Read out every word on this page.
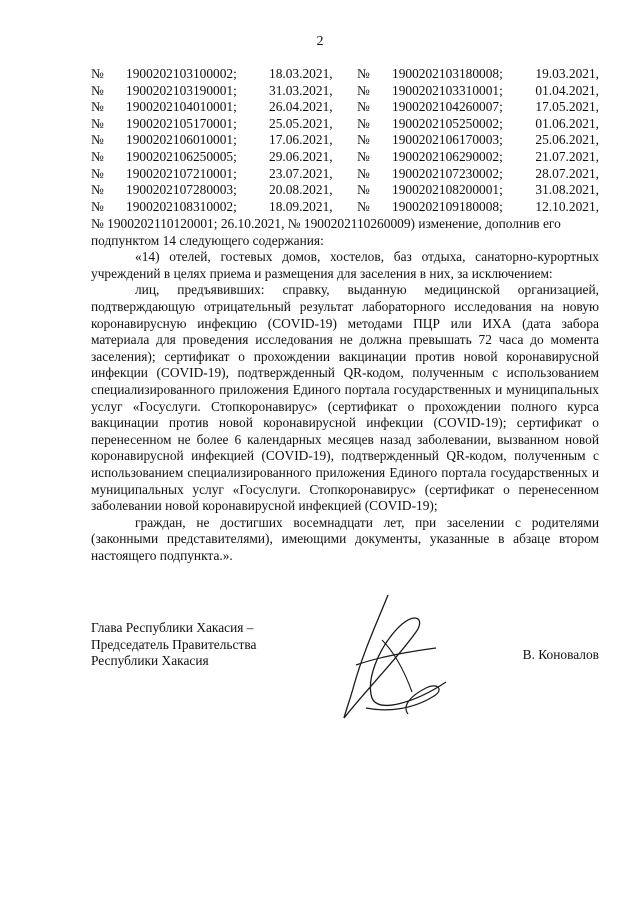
2
№	1900202103100002;	18.03.2021,	№	1900202103180008;	19.03.2021,
№	1900202103190001;	31.03.2021,	№	1900202103310001;	01.04.2021,
№	1900202104010001;	26.04.2021,	№	1900202104260007;	17.05.2021,
№	1900202105170001;	25.05.2021,	№	1900202105250002;	01.06.2021,
№	1900202106010001;	17.06.2021,	№	1900202106170003;	25.06.2021,
№	1900202106250005;	29.06.2021,	№	1900202106290002;	21.07.2021,
№	1900202107210001;	23.07.2021,	№	1900202107230002;	28.07.2021,
№	1900202107280003;	20.08.2021,	№	1900202108200001;	31.08.2021,
№	1900202108310002;	18.09.2021,	№	1900202109180008;	12.10.2021,

№ 1900202110120001; 26.10.2021, № 1900202110260009) изменение, дополнив его

подпунктом 14 следующего содержания:

«14) отелей, гостевых домов, хостелов, баз отдыха, санаторно-курортных учреждений в целях приема и размещения для заселения в них, за исключением:

лиц, предъявивших: справку, выданную медицинской организацией, подтверждающую отрицательный результат лабораторного исследования на новую коронавирусную инфекцию (COVID-19) методами ПЦР или ИХА (дата забора материала для проведения исследования не должна превышать 72 часа до момента заселения); сертификат о прохождении вакцинации против новой коронавирусной инфекции (COVID-19), подтвержденный QR-кодом, полученным с использованием специализированного приложения Единого портала государственных и муниципальных услуг «Госуслуги. Стопкоронавирус» (сертификат о прохождении полного курса вакцинации против новой коронавирусной инфекции (COVID-19); сертификат о перенесенном не более 6 календарных месяцев назад заболевании, вызванном новой коронавирусной инфекцией (COVID-19), подтвержденный QR-кодом, полученным с использованием специализированного приложения Единого портала государственных и муниципальных услуг «Госуслуги. Стопкоронавирус» (сертификат о перенесенном заболевании новой коронавирусной инфекцией (COVID-19);

граждан, не достигших восемнадцати лет, при заселении с родителями (законными представителями), имеющими документы, указанные в абзаце втором настоящего подпункта.».

Глава Республики Хакасия –
Председатель Правительства
Республики Хакасия	В. Коновалов
